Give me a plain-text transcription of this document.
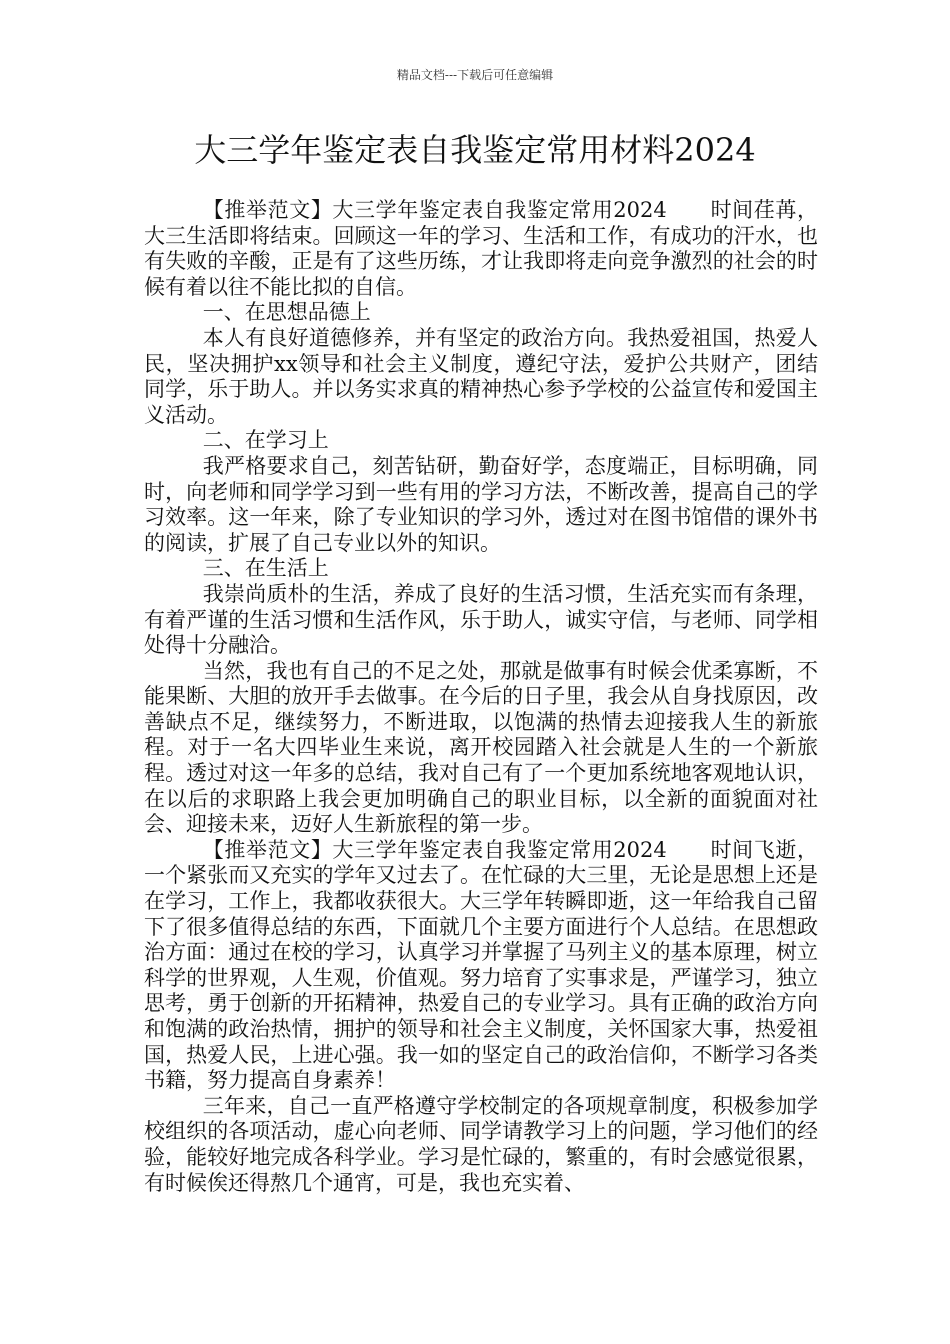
精品文档---下载后可任意编辑
大三学年鉴定表自我鉴定常用材料2024

【推举范文】大三学年鉴定表自我鉴定常用2024　　时间荏苒，大三生活即将结束。回顾这一年的学习、生活和工作，有成功的汗水，也有失败的辛酸，正是有了这些历练，才让我即将走向竞争激烈的社会的时候有着以往不能比拟的自信。

一、在思想品德上

本人有良好道德修养，并有坚定的政治方向。我热爱祖国，热爱人民，坚决拥护xx领导和社会主义制度，遵纪守法，爱护公共财产，团结同学，乐于助人。并以务实求真的精神热心参予学校的公益宣传和爱国主义活动。

二、在学习上

我严格要求自己，刻苦钻研，勤奋好学，态度端正，目标明确，同时，向老师和同学学习到一些有用的学习方法，不断改善，提高自己的学习效率。这一年来，除了专业知识的学习外，透过对在图书馆借的课外书的阅读，扩展了自己专业以外的知识。

三、在生活上

我崇尚质朴的生活，养成了良好的生活习惯，生活充实而有条理，有着严谨的生活习惯和生活作风，乐于助人，诚实守信，与老师、同学相处得十分融洽。

当然，我也有自己的不足之处，那就是做事有时候会优柔寡断，不能果断、大胆的放开手去做事。在今后的日子里，我会从自身找原因，改善缺点不足，继续努力，不断进取，以饱满的热情去迎接我人生的新旅程。对于一名大四毕业生来说，离开校园踏入社会就是人生的一个新旅程。透过对这一年多的总结，我对自己有了一个更加系统地客观地认识，在以后的求职路上我会更加明确自己的职业目标，以全新的面貌面对社会、迎接未来，迈好人生新旅程的第一步。

【推举范文】大三学年鉴定表自我鉴定常用2024　　时间飞逝，一个紧张而又充实的学年又过去了。在忙碌的大三里，无论是思想上还是在学习，工作上，我都收获很大。大三学年转瞬即逝，这一年给我自己留下了很多值得总结的东西，下面就几个主要方面进行个人总结。在思想政治方面：通过在校的学习，认真学习并掌握了马列主义的基本原理，树立科学的世界观，人生观，价值观。努力培育了实事求是，严谨学习，独立思考，勇于创新的开拓精神，热爱自己的专业学习。具有正确的政治方向和饱满的政治热情，拥护的领导和社会主义制度，关怀国家大事，热爱祖国，热爱人民，上进心强。我一如的坚定自己的政治信仰，不断学习各类书籍，努力提高自身素养！

三年来，自己一直严格遵守学校制定的各项规章制度，积极参加学校组织的各项活动，虚心向老师、同学请教学习上的问题，学习他们的经验，能较好地完成各科学业。学习是忙碌的，繁重的，有时会感觉很累，有时候俟还得熬几个通宵，可是，我也充实着、
